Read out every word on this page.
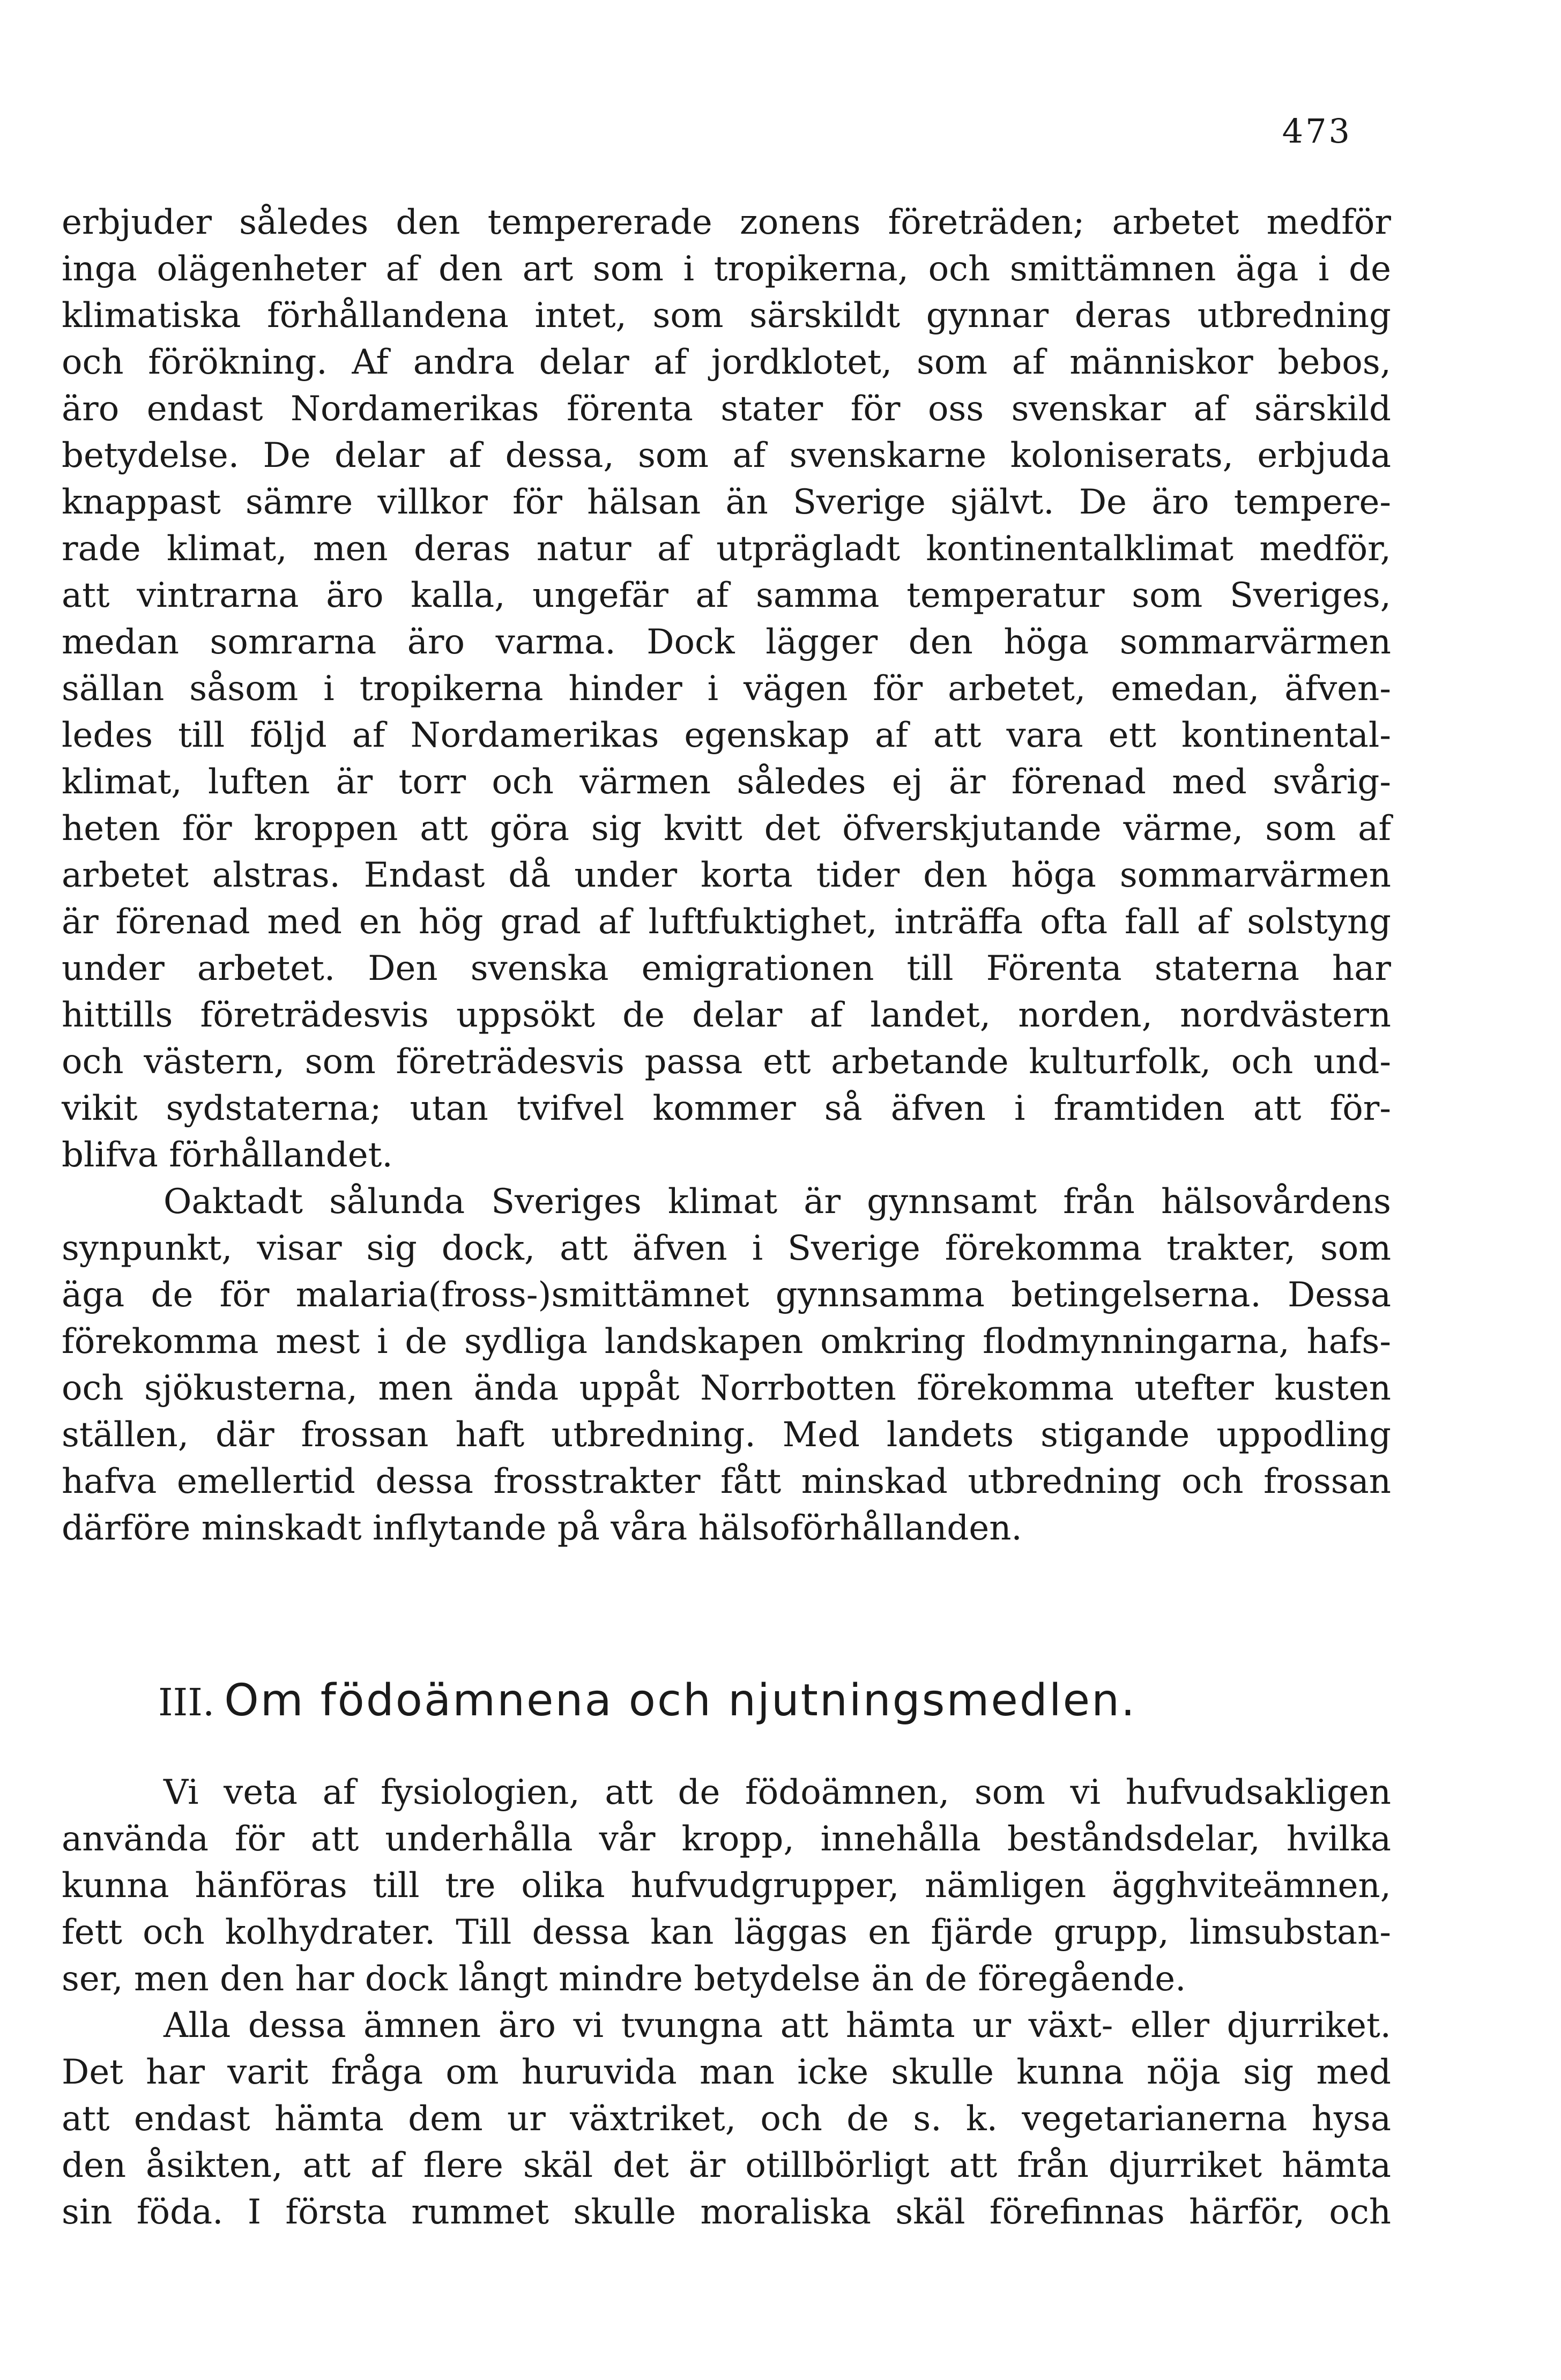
473
erbjuder således den tempererade zonens företräden; arbetet medför
inga olägenheter af den art som i tropikerna, och smittämnen äga i de
klimatiska förhållandena intet, som särskildt gynnar deras utbredning
och förökning. Af andra delar af jordklotet, som af människor bebos,
äro endast Nordamerikas förenta stater för oss svenskar af särskild
betydelse. De delar af dessa, som af svenskarne koloniserats, erbjuda
knappast sämre villkor för hälsan än Sverige självt. De äro tempere-
rade klimat, men deras natur af utprägladt kontinentalklimat medför,
att vintrarna äro kalla, ungefär af samma temperatur som Sveriges,
medan somrarna äro varma. Dock lägger den höga sommarvärmen
sällan såsom i tropikerna hinder i vägen för arbetet, emedan, äfven-
ledes till följd af Nordamerikas egenskap af att vara ett kontinental-
klimat, luften är torr och värmen således ej är förenad med svårig-
heten för kroppen att göra sig kvitt det öfverskjutande värme, som af
arbetet alstras. Endast då under korta tider den höga sommarvärmen
är förenad med en hög grad af luftfuktighet, inträffa ofta fall af solstyng
under arbetet. Den svenska emigrationen till Förenta staterna har
hittills företrädesvis uppsökt de delar af landet, norden, nordvästern
och västern, som företrädesvis passa ett arbetande kulturfolk, och und-
vikit sydstaterna; utan tvifvel kommer så äfven i framtiden att för-
blifva förhållandet.
Oaktadt sålunda Sveriges klimat är gynnsamt från hälsovårdens
synpunkt, visar sig dock, att äfven i Sverige förekomma trakter, som
äga de för malaria(fross-)smittämnet gynnsamma betingelserna. Dessa
förekomma mest i de sydliga landskapen omkring flodmynningarna, hafs-
och sjökusterna, men ända uppåt Norrbotten förekomma utefter kusten
ställen, där frossan haft utbredning. Med landets stigande uppodling
hafva emellertid dessa frosstrakter fått minskad utbredning och frossan
därföre minskadt inflytande på våra hälsoförhållanden.
III. Om födoämnena och njutningsmedlen.
Vi veta af fysiologien, att de födoämnen, som vi hufvudsakligen
använda för att underhålla vår kropp, innehålla beståndsdelar, hvilka
kunna hänföras till tre olika hufvudgrupper, nämligen ägghviteämnen,
fett och kolhydrater. Till dessa kan läggas en fjärde grupp, limsubstan-
ser, men den har dock långt mindre betydelse än de föregående.
Alla dessa ämnen äro vi tvungna att hämta ur växt- eller djurriket.
Det har varit fråga om huruvida man icke skulle kunna nöja sig med
att endast hämta dem ur växtriket, och de s. k. vegetarianerna hysa
den åsikten, att af flere skäl det är otillbörligt att från djurriket hämta
sin föda. I första rummet skulle moraliska skäl förefinnas härför, och
